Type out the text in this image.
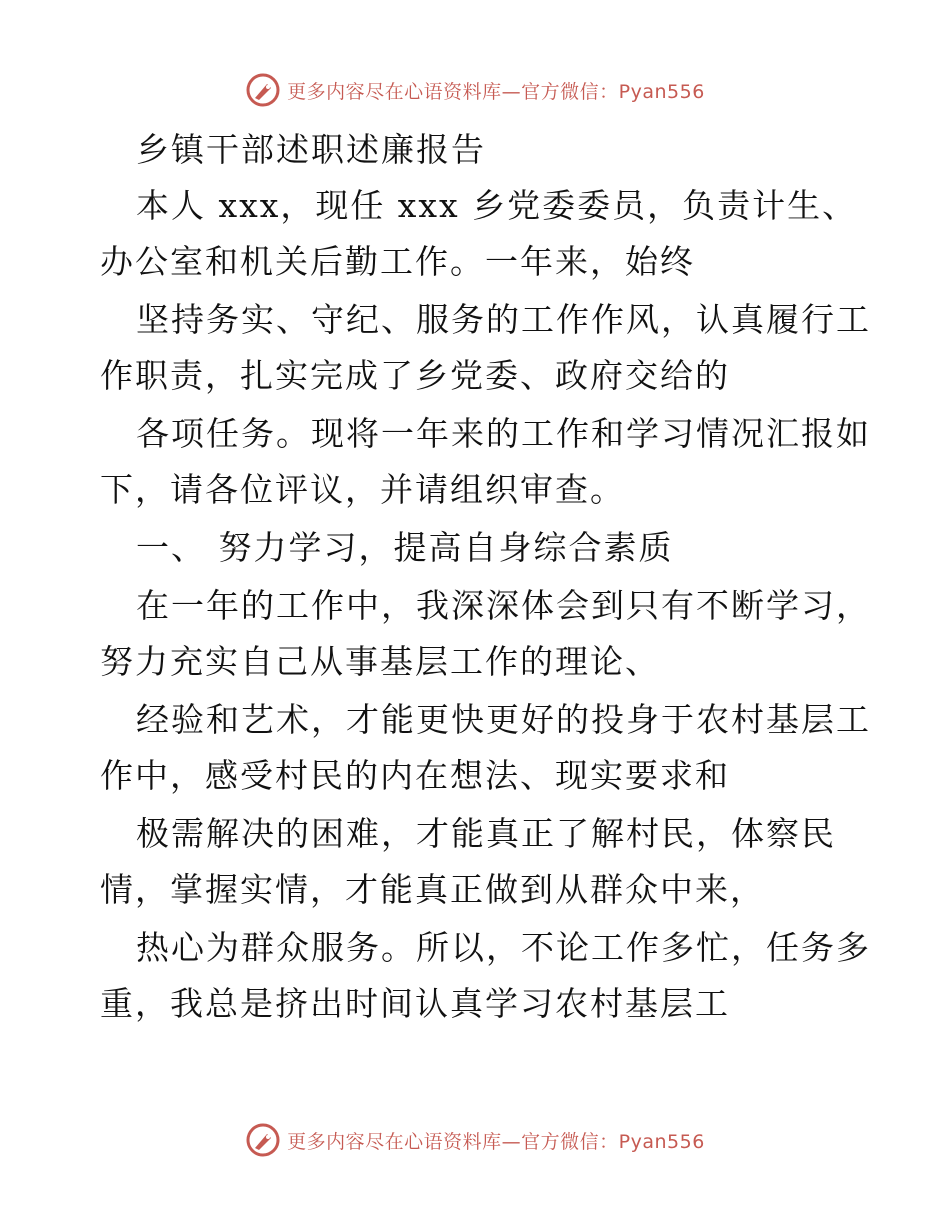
更多内容尽在心语资料库—官方微信：Pyan556
乡镇干部述职述廉报告
本人 xxx，现任 xxx 乡党委委员，负责计生、
办公室和机关后勤工作。一年来，始终
坚持务实、守纪、服务的工作作风，认真履行工
作职责，扎实完成了乡党委、政府交给的
各项任务。现将一年来的工作和学习情况汇报如
下，请各位评议，并请组织审查。
一、 努力学习，提高自身综合素质
在一年的工作中，我深深体会到只有不断学习，
努力充实自己从事基层工作的理论、
经验和艺术，才能更快更好的投身于农村基层工
作中，感受村民的内在想法、现实要求和
极需解决的困难，才能真正了解村民，体察民
情，掌握实情，才能真正做到从群众中来，
热心为群众服务。所以，不论工作多忙，任务多
重，我总是挤出时间认真学习农村基层工
更多内容尽在心语资料库—官方微信：Pyan556
